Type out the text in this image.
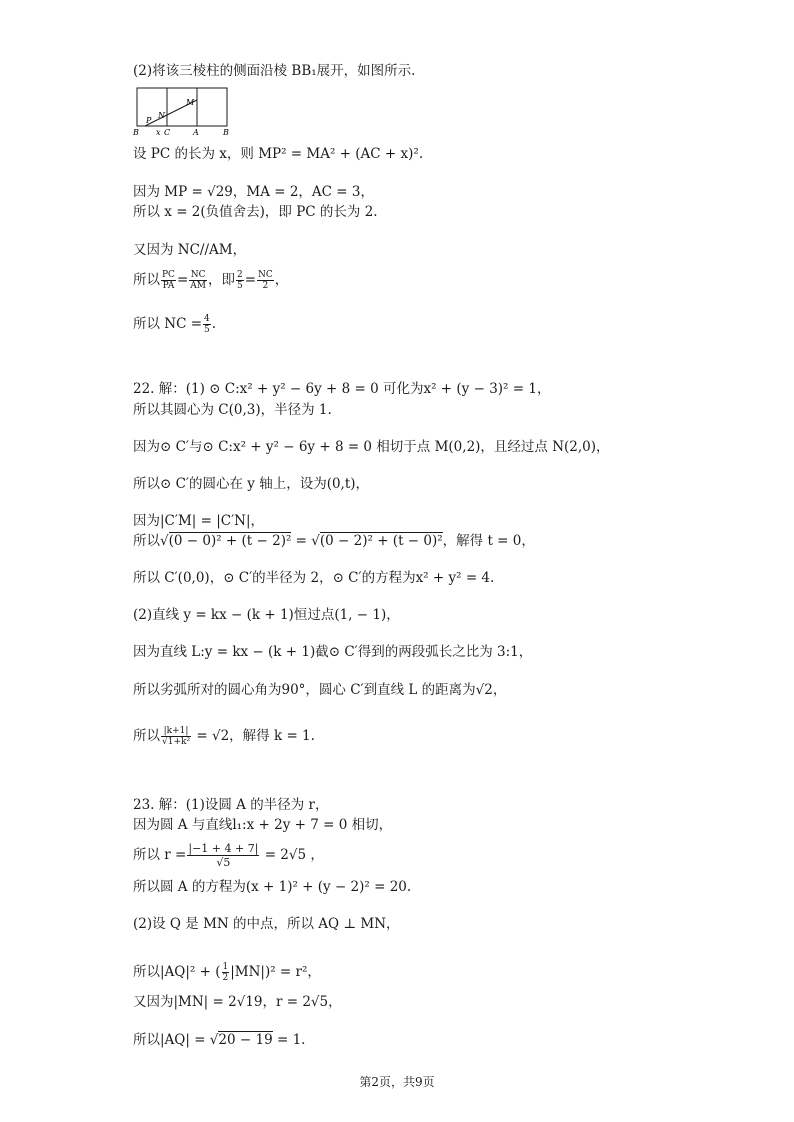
(2)将该三棱柱的侧面沿棱 BB₁展开，如图所示.
M
N
P
B x C	A	B
设 PC 的长为 x，则 MP² = MA² + (AC + x)².
因为 MP = √29，MA = 2，AC = 3，
所以 x = 2(负值舍去)，即 PC 的长为 2.
又因为 NC//AM，
所以 $\frac{PC}{PA} = \frac{NC}{AM}$ ，即 $\frac{2}{5} = \frac{NC}{2}$ ，
所以 NC = $\frac{4}{5}$ .
22. 解：(1) ⊙ C:x² + y² − 6y + 8 = 0 可化为x² + (y − 3)² = 1，
所以其圆心为 C(0,3)，半径为 1.
因为⊙ C′与⊙ C:x² + y² − 6y + 8 = 0 相切于点 M(0,2)，且经过点 N(2,0)，
所以⊙ C′的圆心在 y 轴上，设为(0,t)，
因为|C′M| = |C′N|，
所以√(0 − 0)² + (t − 2)² = √(0 − 2)² + (t − 0)²，解得 t = 0，
所以 C′(0,0)，⊙ C′的半径为 2，⊙ C′的方程为x² + y² = 4.
(2)直线 y = kx − (k + 1)恒过点(1, − 1)，
因为直线 L:y = kx − (k + 1)截⊙ C′得到的两段弧长之比为 3:1，
所以劣弧所对的圆心角为90°，圆心 C′到直线 L 的距离为√2，
所以 $\frac{|k+1|}{\text{√1+k²}} = √2$，解得 k = 1.
23. 解：(1)设圆 A 的半径为 r，
因为圆 A 与直线l₁:x + 2y + 7 = 0 相切，
所以 $r = \frac{|-1 + 4 + 7|}{√5} = 2√5$ ，
所以圆 A 的方程为(x + 1)² + (y − 2)² = 20.
(2)设 Q 是 MN 的中点，所以 AQ ⊥ MN，
所以|AQ|² + ( $\frac{1}{2} |MN|)^2 = r^2$，
又因为|MN| = 2√19，r = 2√5，
所以|AQ| = √20 − 19 = 1.
第2页，共9页
